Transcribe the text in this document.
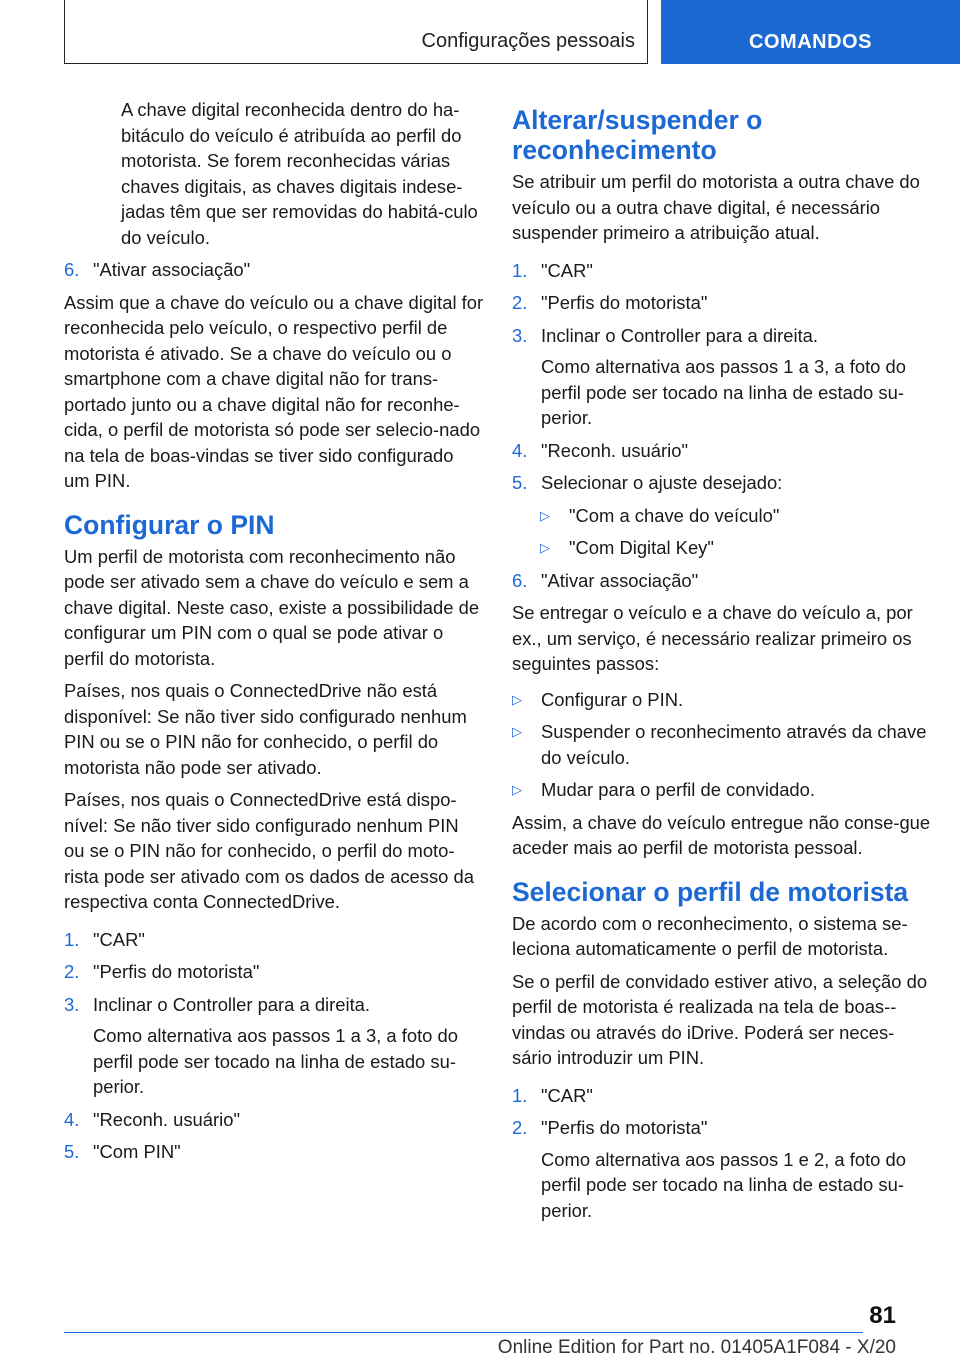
Configurações pessoais	COMANDOS

A chave digital reconhecida dentro do ha-bitáculo do veículo é atribuída ao perfil do motorista. Se forem reconhecidas várias chaves digitais, as chaves digitais indese-jadas têm que ser removidas do habitá-culo do veículo.

6. "Ativar associação"

Assim que a chave do veículo ou a chave digital for reconhecida pelo veículo, o respectivo perfil de motorista é ativado. Se a chave do veículo ou o smartphone com a chave digital não for trans-portado junto ou a chave digital não for reconhe-cida, o perfil de motorista só pode ser selecio-nado na tela de boas-vindas se tiver sido configurado um PIN.

Configurar o PIN

Um perfil de motorista com reconhecimento não pode ser ativado sem a chave do veículo e sem a chave digital. Neste caso, existe a possibilidade de configurar um PIN com o qual se pode ativar o perfil do motorista.

Países, nos quais o ConnectedDrive não está disponível: Se não tiver sido configurado nenhum PIN ou se o PIN não for conhecido, o perfil do motorista não pode ser ativado.

Países, nos quais o ConnectedDrive está dispo-nível: Se não tiver sido configurado nenhum PIN ou se o PIN não for conhecido, o perfil do moto-rista pode ser ativado com os dados de acesso da respectiva conta ConnectedDrive.

1. "CAR"
2. "Perfis do motorista"
3. Inclinar o Controller para a direita.
Como alternativa aos passos 1 a 3, a foto do perfil pode ser tocado na linha de estado su-perior.
4. "Reconh. usuário"
5. "Com PIN"
Alterar/suspender o reconhecimento

Se atribuir um perfil do motorista a outra chave do veículo ou a outra chave digital, é necessário suspender primeiro a atribuição atual.

1. "CAR"
2. "Perfis do motorista"
3. Inclinar o Controller para a direita.
Como alternativa aos passos 1 a 3, a foto do perfil pode ser tocado na linha de estado su-perior.
4. "Reconh. usuário"
5. Selecionar o ajuste desejado:
▷ "Com a chave do veículo"
▷ "Com Digital Key"
6. "Ativar associação"

Se entregar o veículo e a chave do veículo a, por ex., um serviço, é necessário realizar primeiro os seguintes passos:

▷ Configurar o PIN.
▷ Suspender o reconhecimento através da chave do veículo.
▷ Mudar para o perfil de convidado.

Assim, a chave do veículo entregue não conse-gue aceder mais ao perfil de motorista pessoal.

Selecionar o perfil de motorista

De acordo com o reconhecimento, o sistema se-leciona automaticamente o perfil de motorista.

Se o perfil de convidado estiver ativo, a seleção do perfil de motorista é realizada na tela de boas--vindas ou através do iDrive. Poderá ser neces-sário introduzir um PIN.

1. "CAR"
2. "Perfis do motorista"
Como alternativa aos passos 1 e 2, a foto do perfil pode ser tocado na linha de estado su-perior.
81
Online Edition for Part no. 01405A1F084 - X/20
